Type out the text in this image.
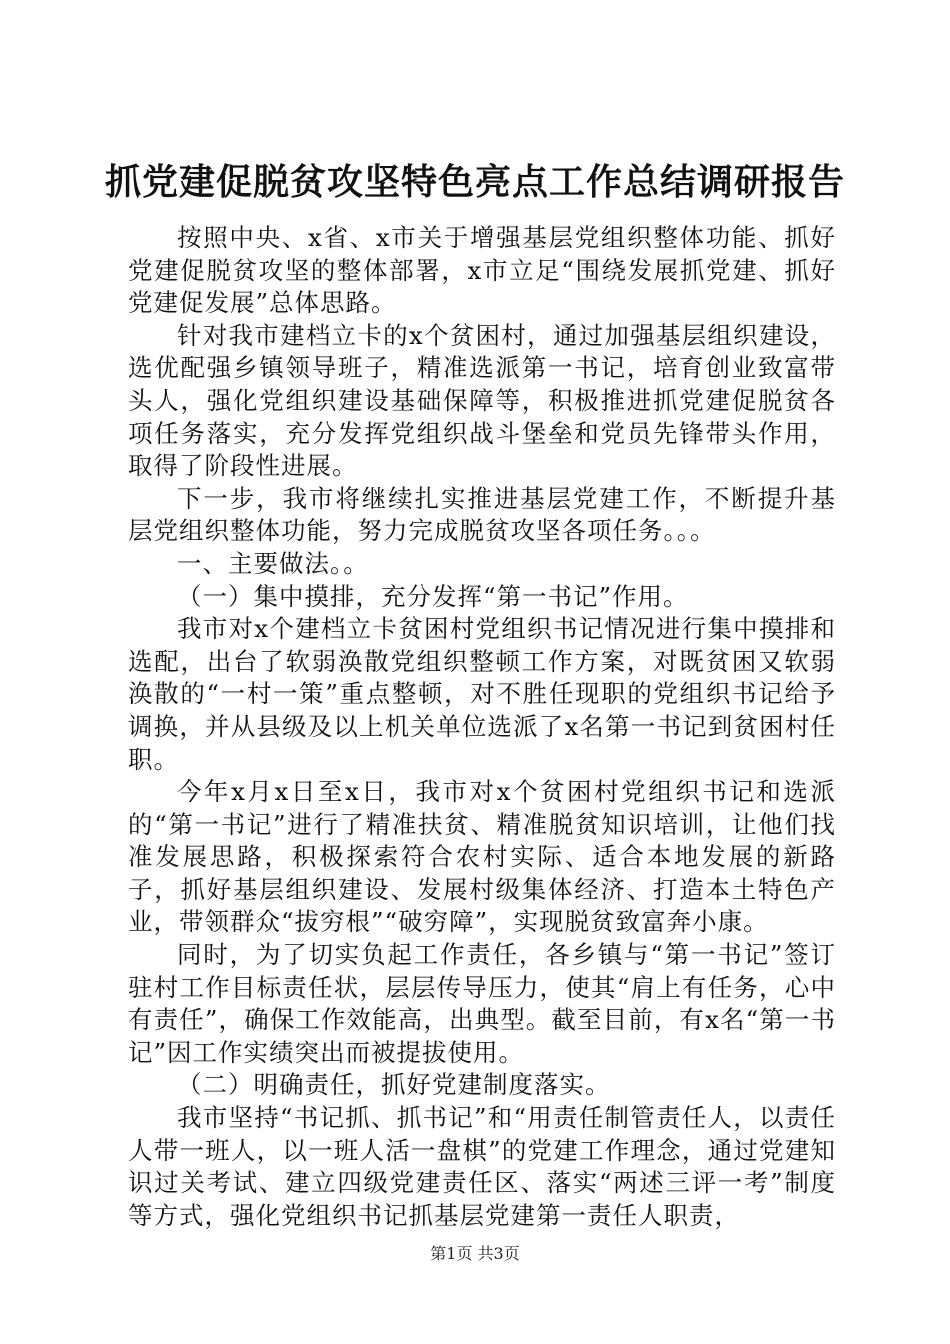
抓党建促脱贫攻坚特色亮点工作总结调研报告

按照中央、x省、x市关于增强基层党组织整体功能、抓好党建促脱贫攻坚的整体部署，x市立足“围绕发展抓党建、抓好党建促发展”总体思路。

针对我市建档立卡的x个贫困村，通过加强基层组织建设，选优配强乡镇领导班子，精准选派第一书记，培育创业致富带头人，强化党组织建设基础保障等，积极推进抓党建促脱贫各项任务落实，充分发挥党组织战斗堡垒和党员先锋带头作用，取得了阶段性进展。

下一步，我市将继续扎实推进基层党建工作，不断提升基层党组织整体功能，努力完成脱贫攻坚各项任务。。。

一、主要做法。。

（一）集中摸排，充分发挥“第一书记”作用。

我市对x个建档立卡贫困村党组织书记情况进行集中摸排和选配，出台了软弱涣散党组织整顿工作方案，对既贫困又软弱涣散的“一村一策”重点整顿，对不胜任现职的党组织书记给予调换，并从县级及以上机关单位选派了x名第一书记到贫困村任职。

今年x月x日至x日，我市对x个贫困村党组织书记和选派的“第一书记”进行了精准扶贫、精准脱贫知识培训，让他们找准发展思路，积极探索符合农村实际、适合本地发展的新路子，抓好基层组织建设、发展村级集体经济、打造本土特色产业，带领群众“拔穷根”“破穷障”，实现脱贫致富奔小康。

同时，为了切实负起工作责任，各乡镇与“第一书记”签订驻村工作目标责任状，层层传导压力，使其“肩上有任务，心中有责任”，确保工作效能高，出典型。截至目前，有x名“第一书记”因工作实绩突出而被提拔使用。

（二）明确责任，抓好党建制度落实。

我市坚持“书记抓、抓书记”和“用责任制管责任人，以责任人带一班人，以一班人活一盘棋”的党建工作理念，通过党建知识过关考试、建立四级党建责任区、落实“两述三评一考”制度等方式，强化党组织书记抓基层党建第一责任人职责，

第1页 共3页
